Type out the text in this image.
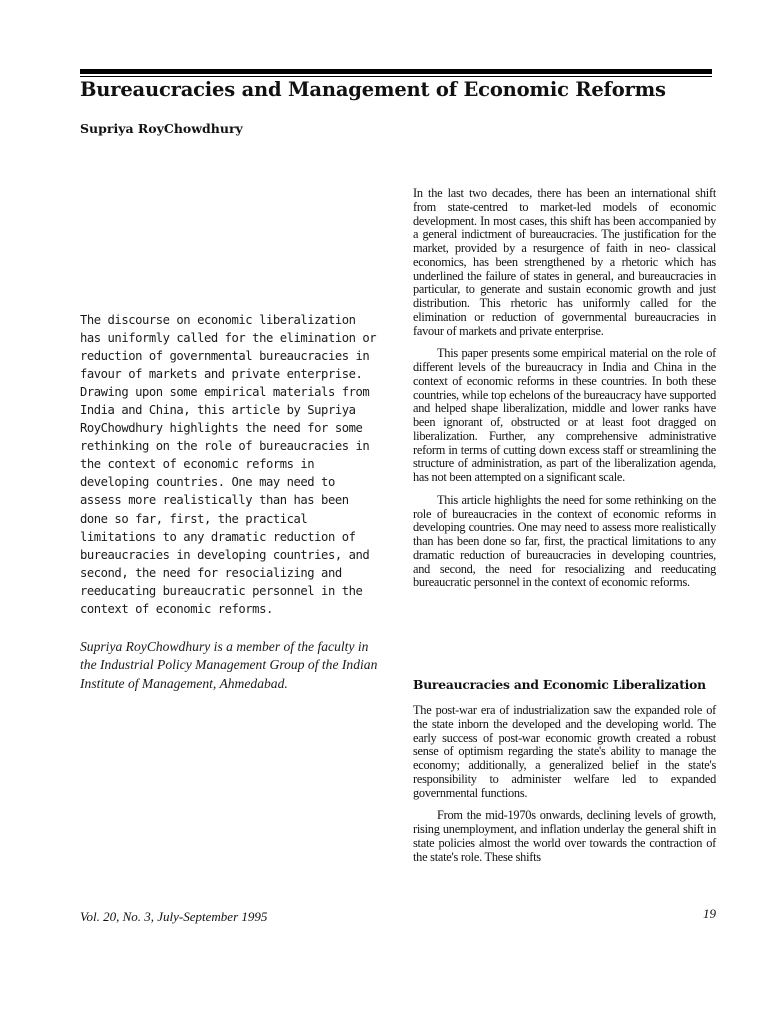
Bureaucracies and Management of Economic Reforms
Supriya RoyChowdhury

The discourse on economic liberalization has uniformly called for the elimination or reduction of governmental bureaucracies in favour of markets and private enterprise. Drawing upon some empirical materials from India and China, this article by Supriya RoyChowdhury highlights the need for some rethinking on the role of bureaucracies in the context of economic reforms in developing countries. One may need to assess more realistically than has been done so far, first, the practical limitations to any dramatic reduction of bureaucracies in developing countries, and second, the need for resocializing and reeducating bureaucratic personnel in the context of economic reforms.

Supriya RoyChowdhury is a member of the faculty in the Industrial Policy Management Group of the Indian Institute of Management, Ahmedabad.

In the last two decades, there has been an international shift from state-centred to market-led models of economic development. In most cases, this shift has been accompanied by a general indictment of bureaucracies. The justification for the market, provided by a resurgence of faith in neo- classical economics, has been strengthened by a rhetoric which has underlined the failure of states in general, and bureaucracies in particular, to generate and sustain economic growth and just distribution. This rhetoric has uniformly called for the elimination or reduction of governmental bureaucracies in favour of markets and private enterprise.

This paper presents some empirical material on the role of different levels of the bureaucracy in India and China in the context of economic reforms in these countries. In both these countries, while top echelons of the bureaucracy have supported and helped shape liberalization, middle and lower ranks have been ignorant of, obstructed or at least foot dragged on liberalization. Further, any comprehensive administrative reform in terms of cutting down excess staff or streamlining the structure of administration, as part of the liberalization agenda, has not been attempted on a significant scale.

This article highlights the need for some rethinking on the role of bureaucracies in the context of economic reforms in developing countries. One may need to assess more realistically than has been done so far, first, the practical limitations to any dramatic reduction of bureaucracies in developing countries, and second, the need for resocializing and reeducating bureaucratic personnel in the context of economic reforms.

Bureaucracies and Economic Liberalization

The post-war era of industrialization saw the expanded role of the state inborn the developed and the developing world. The early success of post-war economic growth created a robust sense of optimism regarding the state's ability to manage the economy; additionally, a generalized belief in the state's responsibility to administer welfare led to expanded governmental functions.

From the mid-1970s onwards, declining levels of growth, rising unemployment, and inflation underlay the general shift in state policies almost the world over towards the contraction of the state's role. These shifts

Vol. 20, No. 3, July-September 1995	19
